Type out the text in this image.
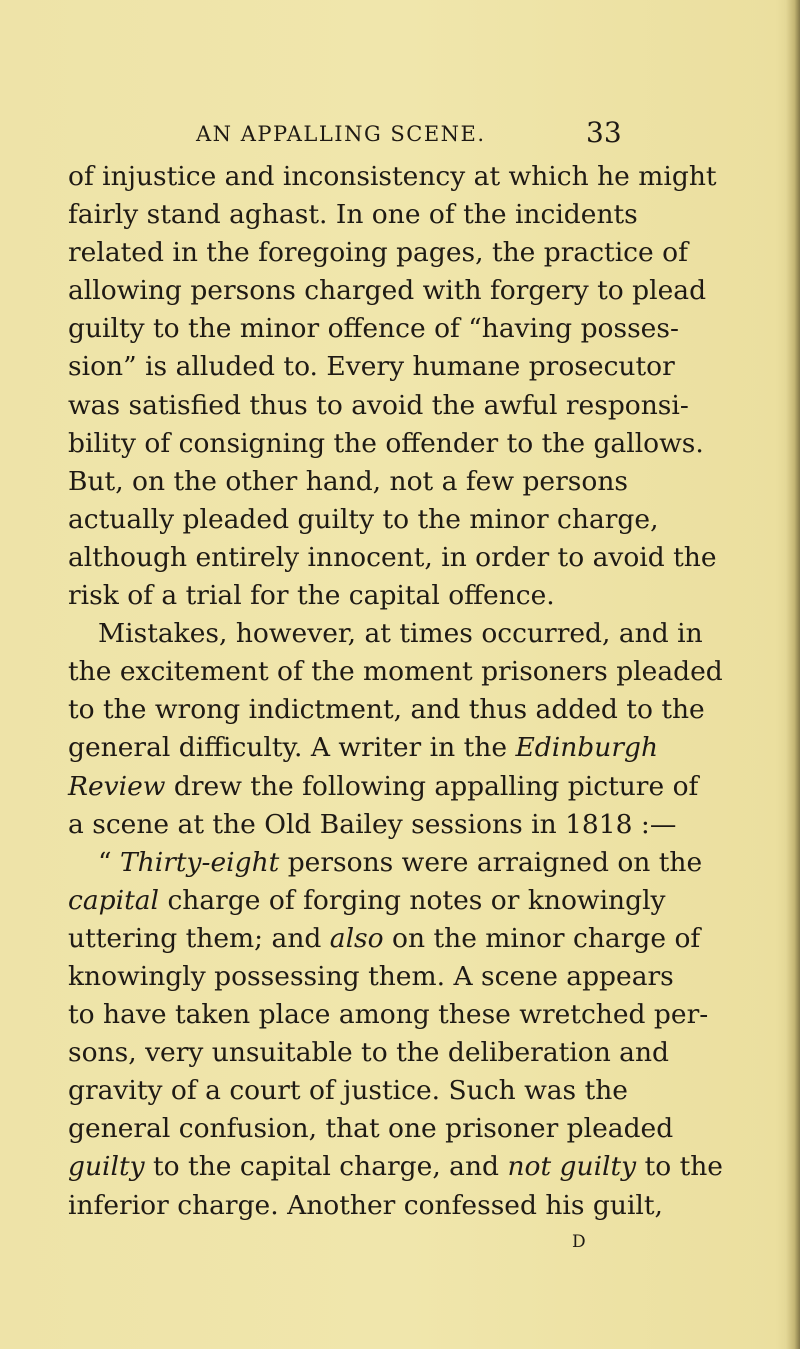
AN APPALLING SCENE.	33
of injustice and inconsistency at which he might
fairly stand aghast. In one of the incidents
related in the foregoing pages, the practice of
allowing persons charged with forgery to plead
guilty to the minor offence of “having posses-
sion” is alluded to. Every humane prosecutor
was satisfied thus to avoid the awful responsi-
bility of consigning the offender to the gallows.
But, on the other hand, not a few persons
actually pleaded guilty to the minor charge,
although entirely innocent, in order to avoid the
risk of a trial for the capital offence.
Mistakes, however, at times occurred, and in
the excitement of the moment prisoners pleaded
to the wrong indictment, and thus added to the
general difficulty. A writer in the Edinburgh
Review drew the following appalling picture of
a scene at the Old Bailey sessions in 1818 :—
“ Thirty-eight persons were arraigned on the
capital charge of forging notes or knowingly
uttering them; and also on the minor charge of
knowingly possessing them. A scene appears
to have taken place among these wretched per-
sons, very unsuitable to the deliberation and
gravity of a court of justice. Such was the
general confusion, that one prisoner pleaded
guilty to the capital charge, and not guilty to the
inferior charge. Another confessed his guilt,
D
